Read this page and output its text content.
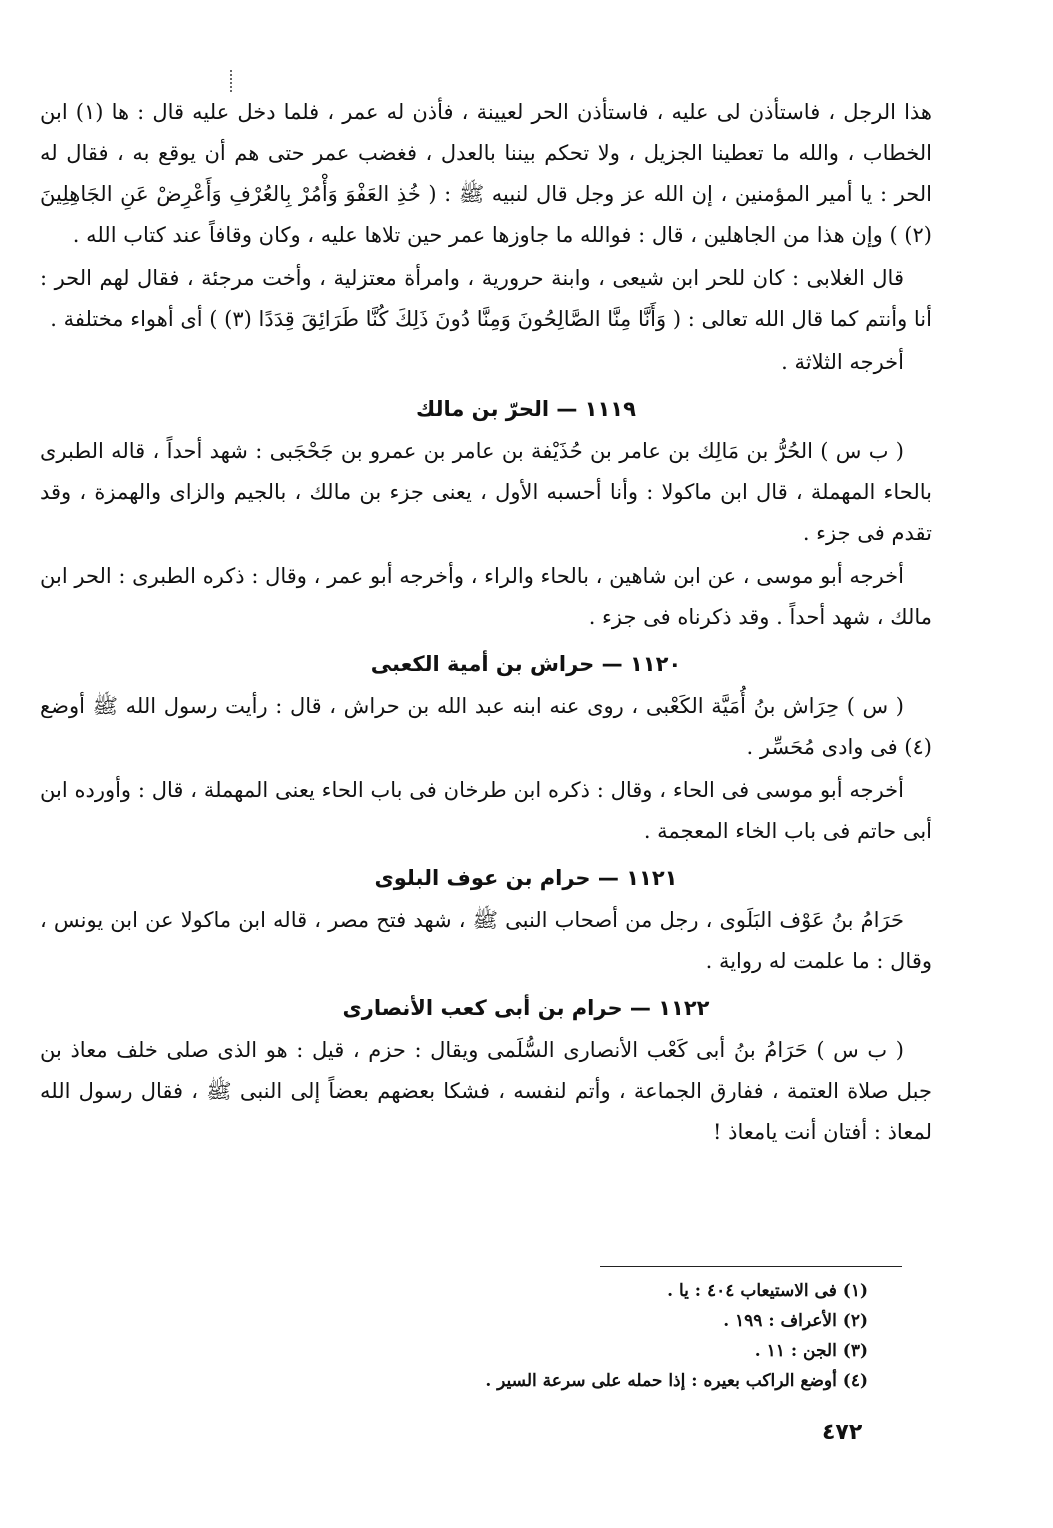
هذا الرجل ، فاستأذن لى عليه ، فاستأذن الحر لعيينة ، فأذن له عمر ، فلما دخل عليه قال : ها (١) ابن الخطاب ، والله ما تعطينا الجزيل ، ولا تحكم بيننا بالعدل ، فغضب عمر حتى هم أن يوقع به ، فقال له الحر : يا أمير المؤمنين ، إن الله عز وجل قال لنبيه ﷺ : ( خُذِ العَفْوَ وَأْمُرْ بِالعُرْفِ وَأَعْرِضْ عَنِ الجَاهِلِينَ (٢) ) وإن هذا من الجاهلين ، قال : فوالله ما جاوزها عمر حين تلاها عليه ، وكان وقافاً عند كتاب الله .

قال الغلابى : كان للحر ابن شيعى ، وابنة حرورية ، وامرأة معتزلية ، وأخت مرجئة ، فقال لهم الحر : أنا وأنتم كما قال الله تعالى : ( وَأَنَّا مِنَّا الصَّالِحُونَ وَمِنَّا دُونَ ذَلِكَ كُنَّا طَرَائِقَ قِدَدًا (٣) ) أى أهواء مختلفة .

أخرجه الثلاثة .

١١١٩ — الحرّ بن مالك

( ب س ) الحُرُّ بن مَالِك بن عامر بن حُذَيْفة بن عامر بن عمرو بن جَحْجَبى : شهد أحداً ، قاله الطبرى بالحاء المهملة ، قال ابن ماكولا : وأنا أحسبه الأول ، يعنى جزء بن مالك ، بالجيم والزاى والهمزة ، وقد تقدم فى جزء .

أخرجه أبو موسى ، عن ابن شاهين ، بالحاء والراء ، وأخرجه أبو عمر ، وقال : ذكره الطبرى : الحر ابن مالك ، شهد أحداً . وقد ذكرناه فى جزء .

١١٢٠ — حراش بن أمية الكعبى

( س ) حِرَاش بنُ أُمَيَّة الكَعْبى ، روى عنه ابنه عبد الله بن حراش ، قال : رأيت رسول الله ﷺ أوضع (٤) فى وادى مُحَسِّر .

أخرجه أبو موسى فى الحاء ، وقال : ذكره ابن طرخان فى باب الحاء يعنى المهملة ، قال : وأورده ابن أبى حاتم فى باب الخاء المعجمة .

١١٢١ — حرام بن عوف البلوى

حَرَامُ بنُ عَوْف البَلَوى ، رجل من أصحاب النبى ﷺ ، شهد فتح مصر ، قاله ابن ماكولا عن ابن يونس ، وقال : ما علمت له رواية .

١١٢٢ — حرام بن أبى كعب الأنصارى

( ب س ) حَرَامُ بنُ أبى كَعْب الأنصارى السُّلَمى ويقال : حزم ، قيل : هو الذى صلى خلف معاذ بن جبل صلاة العتمة ، ففارق الجماعة ، وأتم لنفسه ، فشكا بعضهم بعضاً إلى النبى ﷺ ، فقال رسول الله لمعاذ : أفتان أنت يامعاذ !

(١) فى الاستيعاب ٤٠٤ : يا .
(٢) الأعراف : ١٩٩ .
(٣) الجن : ١١ .
(٤) أوضع الراكب بعيره : إذا حمله على سرعة السير .
٤٧٢
